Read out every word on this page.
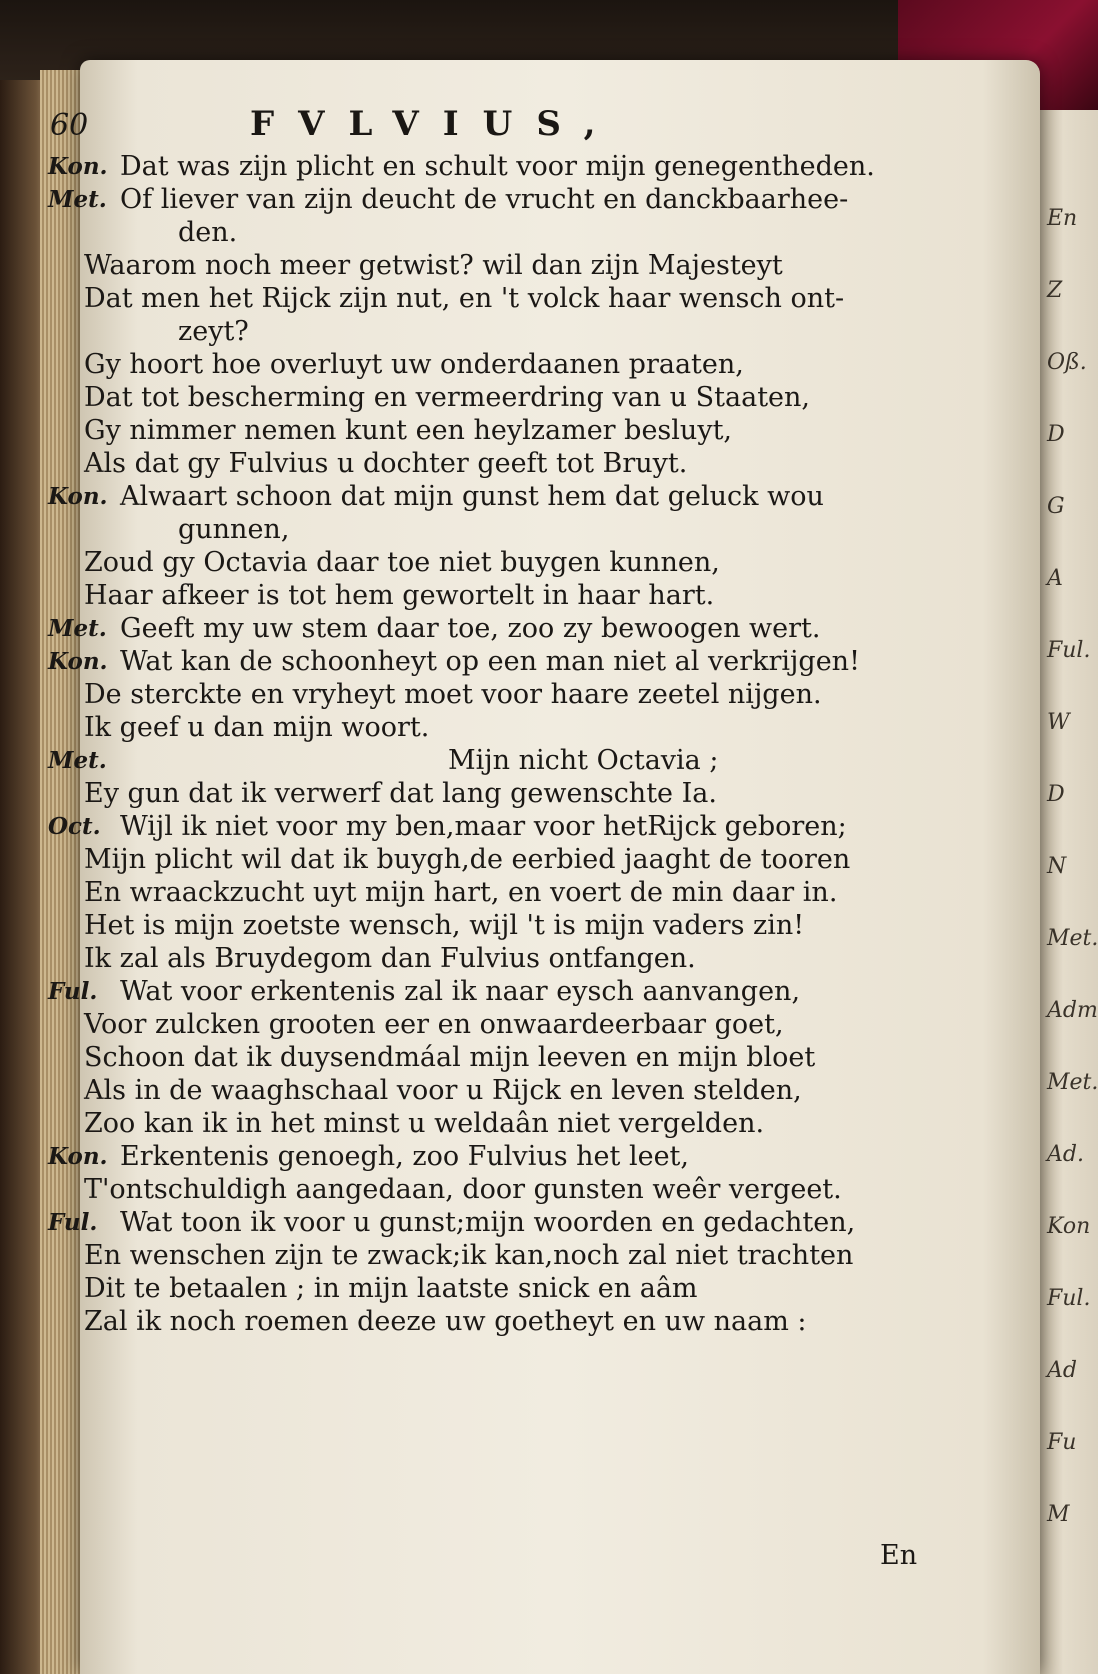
En
Z
Oß.
D
G
A
Ful.
W
D
N
Met.
Adm
Met.
Ad.
Kon
Ful.
Ad
Fu
M
60	FVLVIUS,
Kon. Dat was zijn plicht en schult voor mijn genegentheden.
Met. Of liever van zijn deucht de vrucht en danckbaarhee-
den.
Waarom noch meer getwist? wil dan zijn Majesteyt
Dat men het Rijck zijn nut, en 't volck haar wensch ont-
zeyt?
Gy hoort hoe overluyt uw onderdaanen praaten,
Dat tot bescherming en vermeerdring van u Staaten,
Gy nimmer nemen kunt een heylzamer besluyt,
Als dat gy Fulvius u dochter geeft tot Bruyt.
Kon. Alwaart schoon dat mijn gunst hem dat geluck wou
gunnen,
Zoud gy Octavia daar toe niet buygen kunnen,
Haar afkeer is tot hem gewortelt in haar hart.
Met. Geeft my uw stem daar toe, zoo zy bewoogen wert.
Kon. Wat kan de schoonheyt op een man niet al verkrijgen!
De sterckte en vryheyt moet voor haare zeetel nijgen.
Ik geef u dan mijn woort.
Met.	Mijn nicht Octavia ;
Ey gun dat ik verwerf dat lang gewenschte Ia.
Oct. Wijl ik niet voor my ben,maar voor hetRijck geboren;
Mijn plicht wil dat ik buygh,de eerbied jaaght de tooren
En wraackzucht uyt mijn hart, en voert de min daar in.
Het is mijn zoetste wensch, wijl 't is mijn vaders zin!
Ik zal als Bruydegom dan Fulvius ontfangen.
Ful. Wat voor erkentenis zal ik naar eysch aanvangen,
Voor zulcken grooten eer en onwaardeerbaar goet,
Schoon dat ik duysendmáal mijn leeven en mijn bloet
Als in de waaghschaal voor u Rijck en leven stelden,
Zoo kan ik in het minst u weldaân niet vergelden.
Kon. Erkentenis genoegh, zoo Fulvius het leet,
T'ontschuldigh aangedaan, door gunsten weêr vergeet.
Ful. Wat toon ik voor u gunst;mijn woorden en gedachten,
En wenschen zijn te zwack;ik kan,noch zal niet trachten
Dit te betaalen ; in mijn laatste snick en aâm
Zal ik noch roemen deeze uw goetheyt en uw naam :
En
